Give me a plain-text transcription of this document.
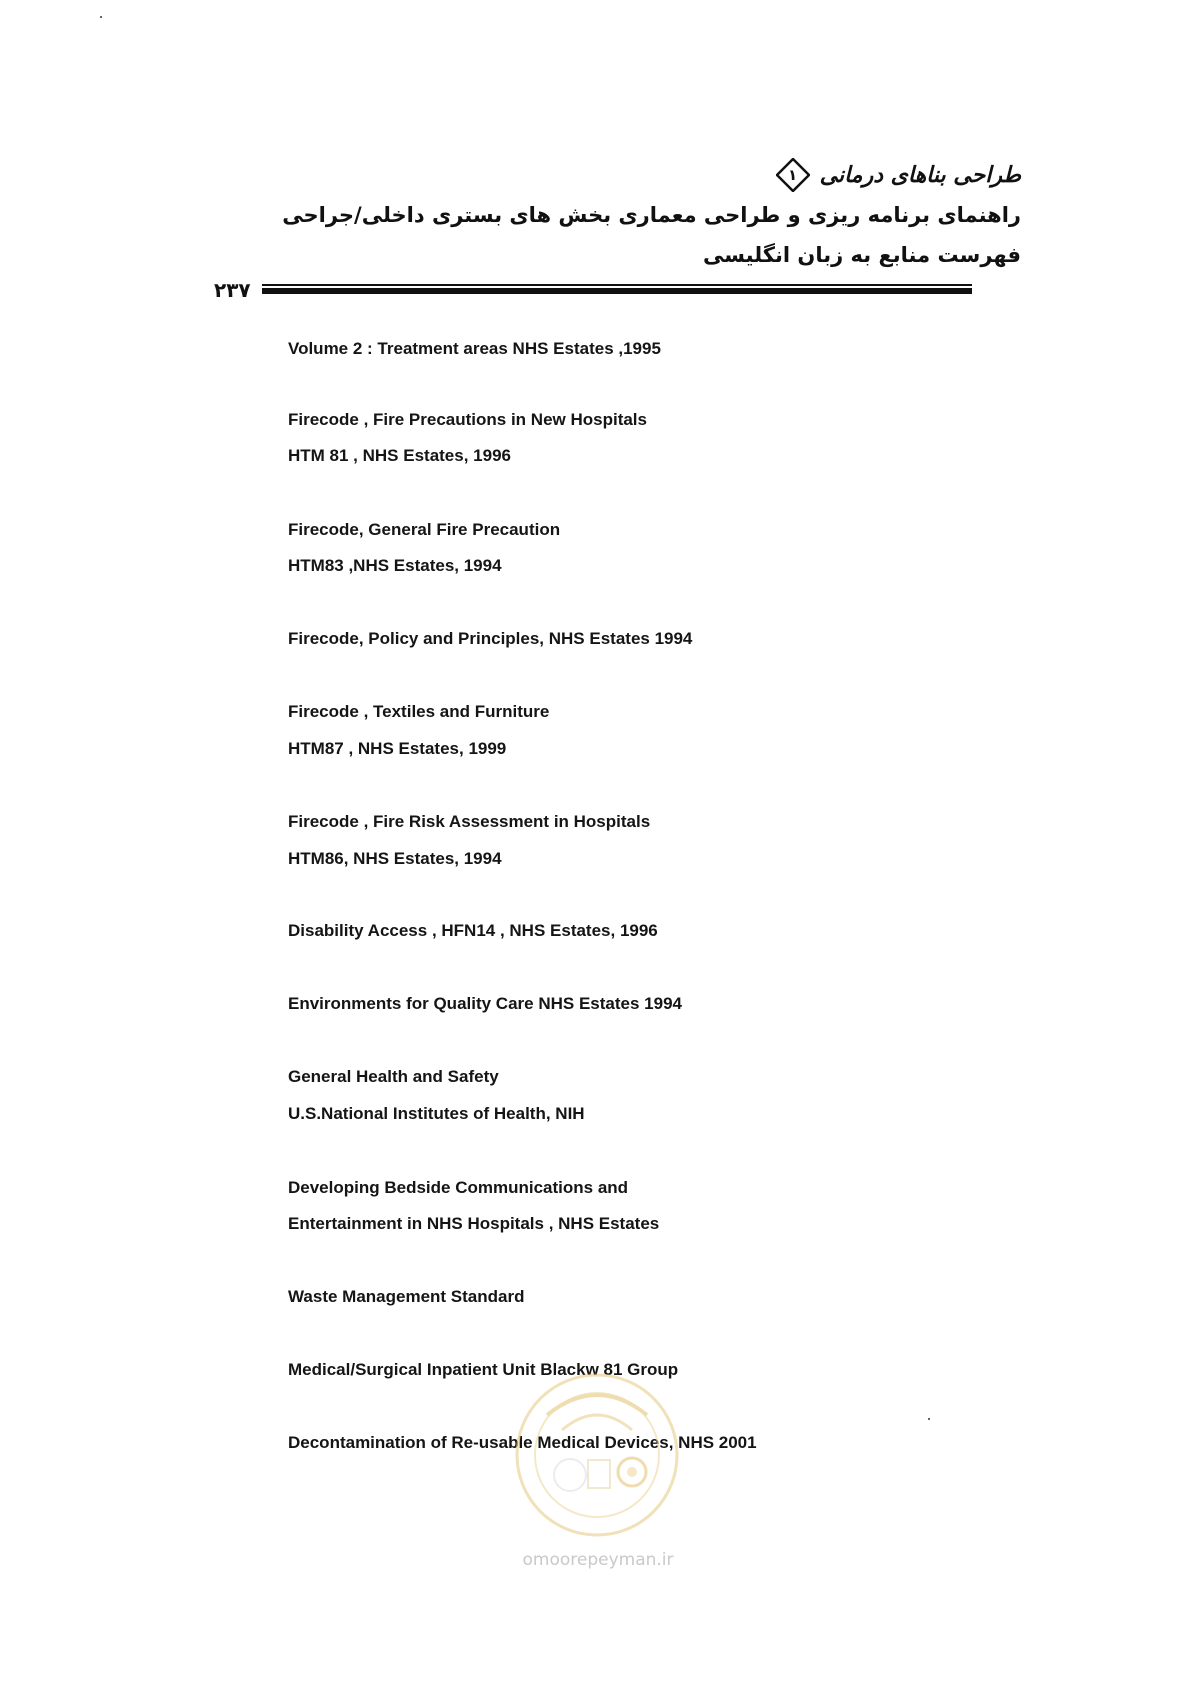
طراحی بناهای درمانی
۱
راهنمای برنامه ریزی و طراحی معماری بخش های بستری داخلی/جراحی
فهرست منابع به زبان انگلیسی
۲۳۷
Volume 2 : Treatment areas NHS Estates ,1995
Firecode , Fire Precautions in New Hospitals
HTM 81 , NHS Estates, 1996
Firecode, General Fire Precaution
HTM83 ,NHS Estates, 1994
Firecode, Policy and Principles, NHS Estates 1994
Firecode , Textiles and Furniture
HTM87 , NHS Estates, 1999
Firecode , Fire Risk Assessment in Hospitals
HTM86, NHS Estates, 1994
Disability Access , HFN14 , NHS Estates, 1996
Environments for Quality Care NHS Estates 1994
General Health and Safety
U.S.National Institutes of Health, NIH
Developing Bedside Communications and
Entertainment in NHS Hospitals , NHS Estates
Waste Management Standard
Medical/Surgical Inpatient Unit Blackw 81 Group
Decontamination of Re-usable Medical Devices, NHS 2001
omoorepeyman.ir
